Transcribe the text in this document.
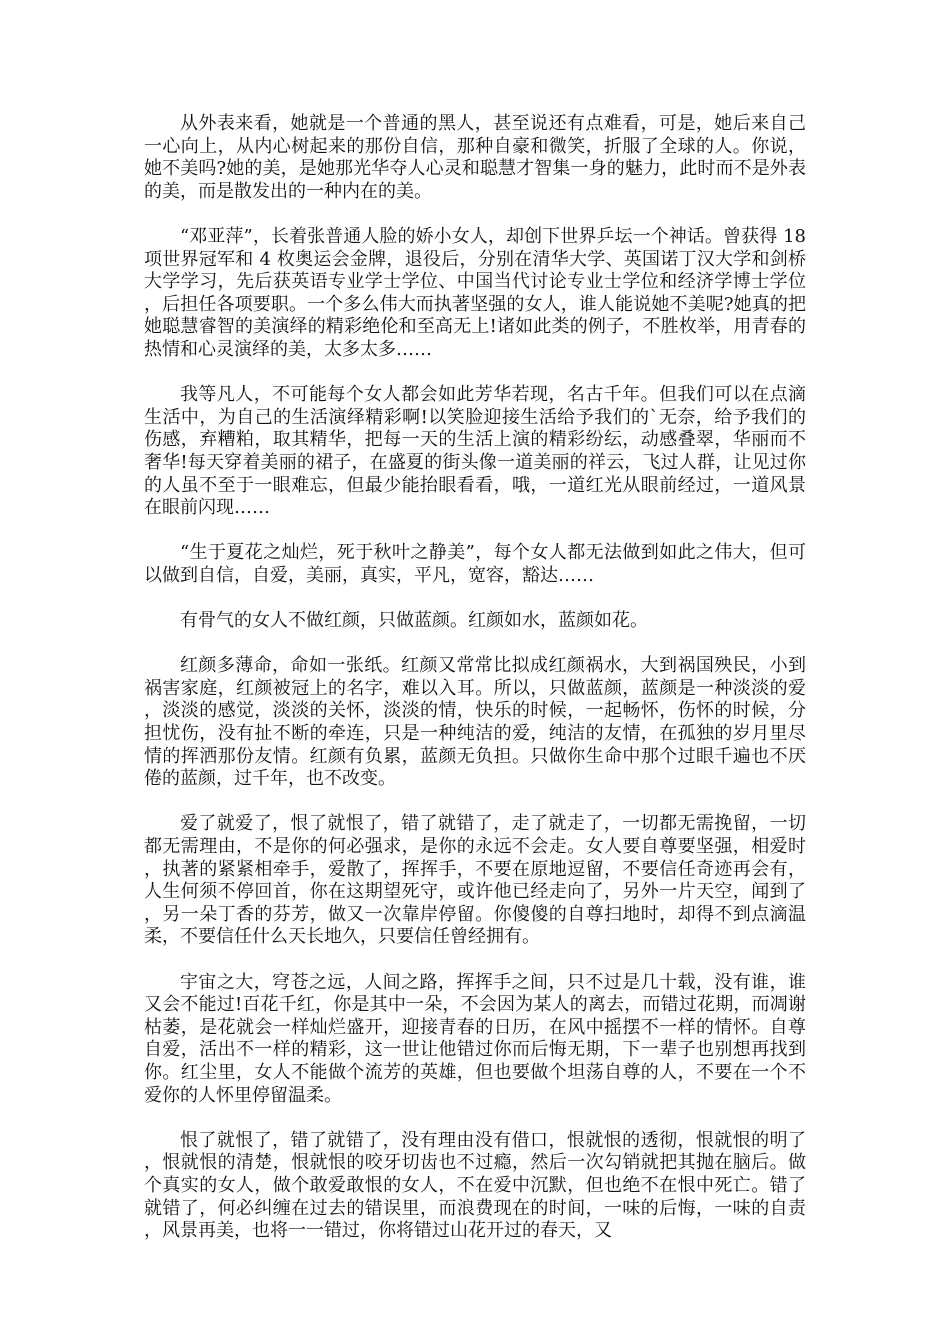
从外表来看，她就是一个普通的黑人，甚至说还有点难看，可是，她后来自己一心向上，从内心树起来的那份自信，那种自豪和微笑，折服了全球的人。你说，她不美吗?她的美，是她那光华夺人心灵和聪慧才智集一身的魅力，此时而不是外表的美，而是散发出的一种内在的美。

“邓亚萍”，长着张普通人脸的娇小女人，却创下世界乒坛一个神话。曾获得 18 项世界冠军和 4 枚奥运会金牌，退役后，分别在清华大学、英国诺丁汉大学和剑桥大学学习，先后获英语专业学士学位、中国当代讨论专业士学位和经济学博士学位，后担任各项要职。一个多么伟大而执著坚强的女人，谁人能说她不美呢?她真的把她聪慧睿智的美演绎的精彩绝伦和至高无上!诸如此类的例子，不胜枚举，用青春的热情和心灵演绎的美，太多太多……

我等凡人，不可能每个女人都会如此芳华若现，名古千年。但我们可以在点滴生活中，为自己的生活演绎精彩啊!以笑脸迎接生活给予我们的`无奈，给予我们的伤感，弃糟粕，取其精华，把每一天的生活上演的精彩纷纭，动感叠翠，华丽而不奢华!每天穿着美丽的裙子，在盛夏的街头像一道美丽的祥云，飞过人群，让见过你的人虽不至于一眼难忘，但最少能抬眼看看，哦，一道红光从眼前经过，一道风景在眼前闪现……

“生于夏花之灿烂，死于秋叶之静美”，每个女人都无法做到如此之伟大，但可以做到自信，自爱，美丽，真实，平凡，宽容，豁达……

有骨气的女人不做红颜，只做蓝颜。红颜如水，蓝颜如花。

红颜多薄命，命如一张纸。红颜又常常比拟成红颜祸水，大到祸国殃民，小到祸害家庭，红颜被冠上的名字，难以入耳。所以，只做蓝颜，蓝颜是一种淡淡的爱，淡淡的感觉，淡淡的关怀，淡淡的情，快乐的时候，一起畅怀，伤怀的时候，分担忧伤，没有扯不断的牵连，只是一种纯洁的爱，纯洁的友情，在孤独的岁月里尽情的挥洒那份友情。红颜有负累，蓝颜无负担。只做你生命中那个过眼千遍也不厌倦的蓝颜，过千年，也不改变。

爱了就爱了，恨了就恨了，错了就错了，走了就走了，一切都无需挽留，一切都无需理由，不是你的何必强求，是你的永远不会走。女人要自尊要坚强，相爱时，执著的紧紧相牵手，爱散了，挥挥手，不要在原地逗留，不要信任奇迹再会有，人生何须不停回首，你在这期望死守，或许他已经走向了，另外一片天空，闻到了，另一朵丁香的芬芳，做又一次靠岸停留。你傻傻的自尊扫地时，却得不到点滴温柔，不要信任什么天长地久，只要信任曾经拥有。

宇宙之大，穹苍之远，人间之路，挥挥手之间，只不过是几十载，没有谁，谁又会不能过!百花千红，你是其中一朵，不会因为某人的离去，而错过花期，而凋谢枯萎，是花就会一样灿烂盛开，迎接青春的日历，在风中摇摆不一样的情怀。自尊自爱，活出不一样的精彩，这一世让他错过你而后悔无期，下一辈子也别想再找到你。红尘里，女人不能做个流芳的英雄，但也要做个坦荡自尊的人，不要在一个不爱你的人怀里停留温柔。

恨了就恨了，错了就错了，没有理由没有借口，恨就恨的透彻，恨就恨的明了，恨就恨的清楚，恨就恨的咬牙切齿也不过瘾，然后一次勾销就把其抛在脑后。做个真实的女人，做个敢爱敢恨的女人，不在爱中沉默，但也绝不在恨中死亡。错了就错了，何必纠缠在过去的错误里，而浪费现在的时间，一味的后悔，一味的自责，风景再美，也将一一错过，你将错过山花开过的春天，又
